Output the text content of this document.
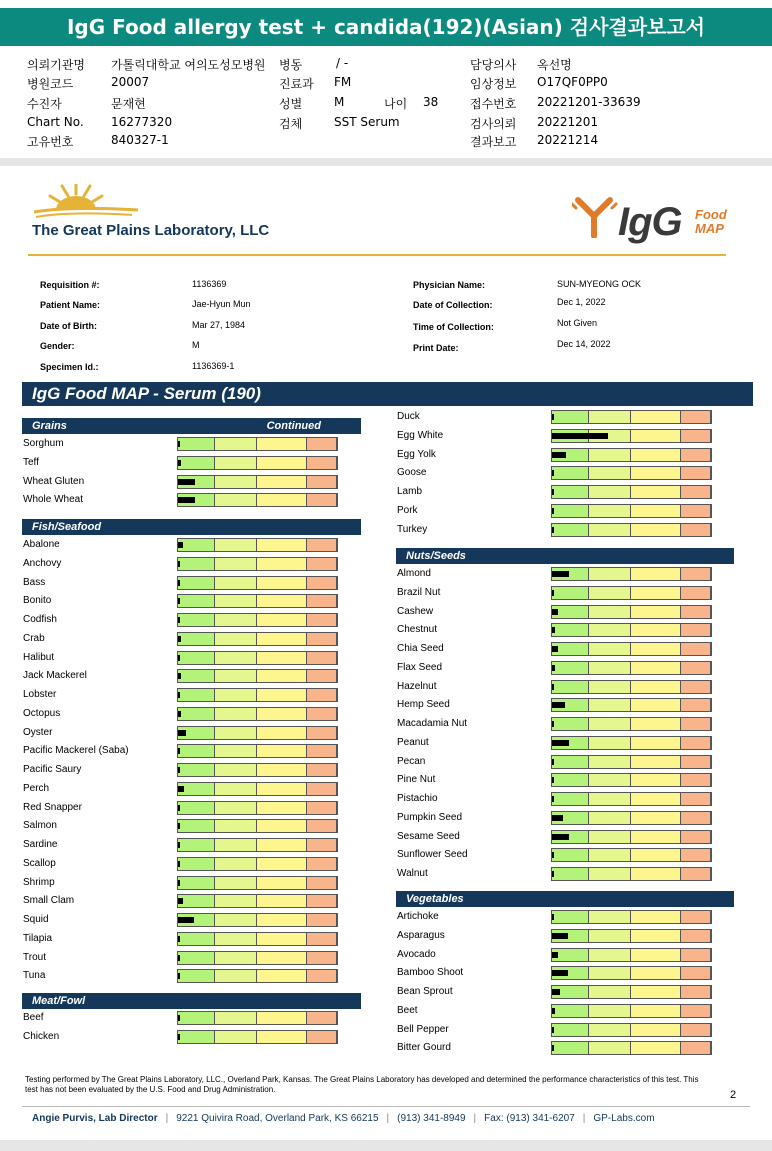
IgG Food allergy test + candida(192)(Asian) 검사결과보고서
의뢰기관명 가톨릭대학교 여의도성모병원
병원코드	20007
수진자	문재현
Chart No. 16277320
고유번호	840327-1
병동	/ -
진료과 FM
성별	M
검체	SST Serum
나이 38
담당의사 옥선명
임상정보 O17QF0PP0
접수번호 20221201-33639
검사의뢰 20221201
결과보고 20221214
The Great Plains Laboratory, LLC	IgG Food
MAP
Requisition #:	1136369
Patient Name:	Jae-Hyun Mun
Date of Birth:	Mar 27, 1984
Gender:	M
Specimen Id.:	1136369-1
Physician Name:	SUN-MYEONG OCK
Date of Collection:	Dec 1, 2022
Time of Collection:	Not Given
Print Date:	Dec 14, 2022
IgG Food MAP - Serum (190)
Grains	Continued
Sorghum
Teff
Wheat Gluten
Whole Wheat
Fish/Seafood
Abalone
Anchovy
Bass
Bonito
Codfish
Crab
Halibut
Jack Mackerel
Lobster
Octopus
Oyster
Pacific Mackerel (Saba)
Pacific Saury
Perch
Red Snapper
Salmon
Sardine
Scallop
Shrimp
Small Clam
Squid
Tilapia
Trout
Tuna
Meat/Fowl
Beef
Chicken
Duck
Egg White
Egg Yolk
Goose
Lamb
Pork
Turkey
Nuts/Seeds
Almond
Brazil Nut
Cashew
Chestnut
Chia Seed
Flax Seed
Hazelnut
Hemp Seed
Macadamia Nut
Peanut
Pecan
Pine Nut
Pistachio
Pumpkin Seed
Sesame Seed
Sunflower Seed
Walnut
Vegetables
Artichoke
Asparagus
Avocado
Bamboo Shoot
Bean Sprout
Beet
Bell Pepper
Bitter Gourd
Testing performed by The Great Plains Laboratory, LLC., Overland Park, Kansas. The Great Plains Laboratory has developed and determined the performance characteristics of this test. This test has not been evaluated by the U.S. Food and Drug Administration.	2
Angie Purvis, Lab Director | 9221 Quivira Road, Overland Park, KS 66215 | (913) 341-8949 | Fax: (913) 341-6207 | GP-Labs.com
